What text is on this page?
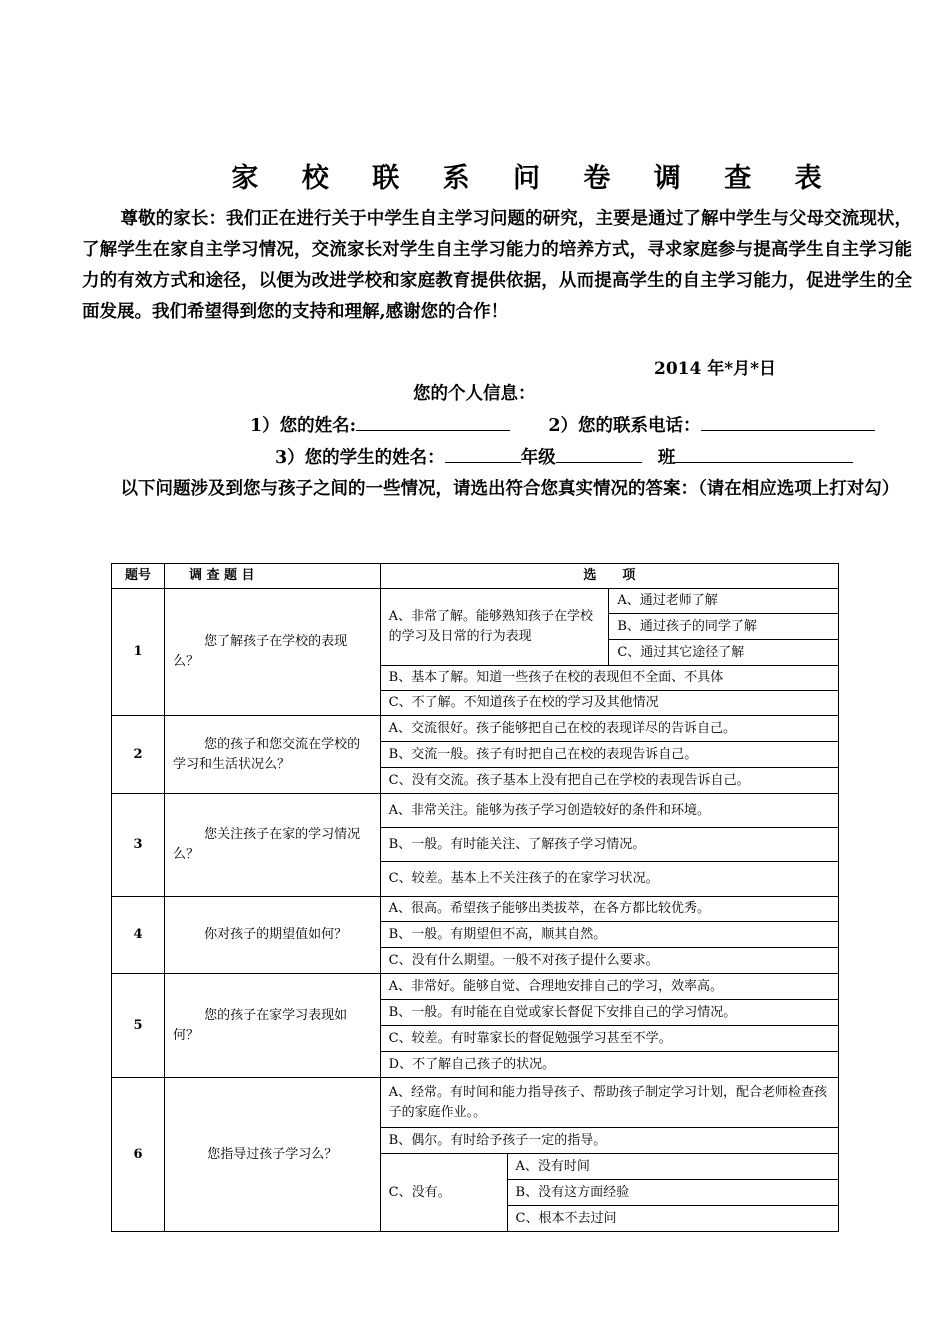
家 校 联 系 问 卷 调 查 表
尊敬的家长：我们正在进行关于中学生自主学习问题的研究，主要是通过了解中学生与父母交流现状，了解学生在家自主学习情况，交流家长对学生自主学习能力的培养方式，寻求家庭参与提高学生自主学习能力的有效方式和途径，以便为改进学校和家庭教育提供依据，从而提高学生的自主学习能力，促进学生的全面发展。我们希望得到您的支持和理解,感谢您的合作！
2014 年*月*日
您的个人信息：
1）您的姓名:	2）您的联系电话：
3）您的学生的姓名：	年级	班
以下问题涉及到您与孩子之间的一些情况，请选出符合您真实情况的答案：（请在相应选项上打对勾）
题号	调 查 题 目	选　　项		
1	您了解孩子在学校的表现么？	A、非常了解。能够熟知孩子在学校的学习及日常的行为表现		A、通过老师了解
				B、通过孩子的同学了解
				C、通过其它途径了解
		B、基本了解。知道一些孩子在校的表现但不全面、不具体		
		C、不了解。不知道孩子在校的学习及其他情况		
2	您的孩子和您交流在学校的学习和生活状况么？	A、交流很好。孩子能够把自己在校的表现详尽的告诉自己。		
		B、交流一般。孩子有时把自己在校的表现告诉自己。		
		C、没有交流。孩子基本上没有把自己在学校的表现告诉自己。		
3	您关注孩子在家的学习情况么？	A、非常关注。能够为孩子学习创造较好的条件和环境。		
		B、一般。有时能关注、了解孩子学习情况。		
		C、较差。基本上不关注孩子的在家学习状况。		
4	你对孩子的期望值如何？	A、很高。希望孩子能够出类拔萃，在各方都比较优秀。		
		B、一般。有期望但不高，顺其自然。		
		C、没有什么期望。一般不对孩子提什么要求。		
5	您的孩子在家学习表现如何？	A、非常好。能够自觉、合理地安排自己的学习，效率高。		
		B、一般。有时能在自觉或家长督促下安排自己的学习情况。		
		C、较差。有时靠家长的督促勉强学习甚至不学。		
		D、不了解自己孩子的状况。		
6	您指导过孩子学习么？	A、经常。有时间和能力指导孩子、帮助孩子制定学习计划，配合老师检查孩子的家庭作业。。		
		B、偶尔。有时给予孩子一定的指导。		
		C、没有。	A、没有时间	
			B、没有这方面经验	
			C、根本不去过问	
